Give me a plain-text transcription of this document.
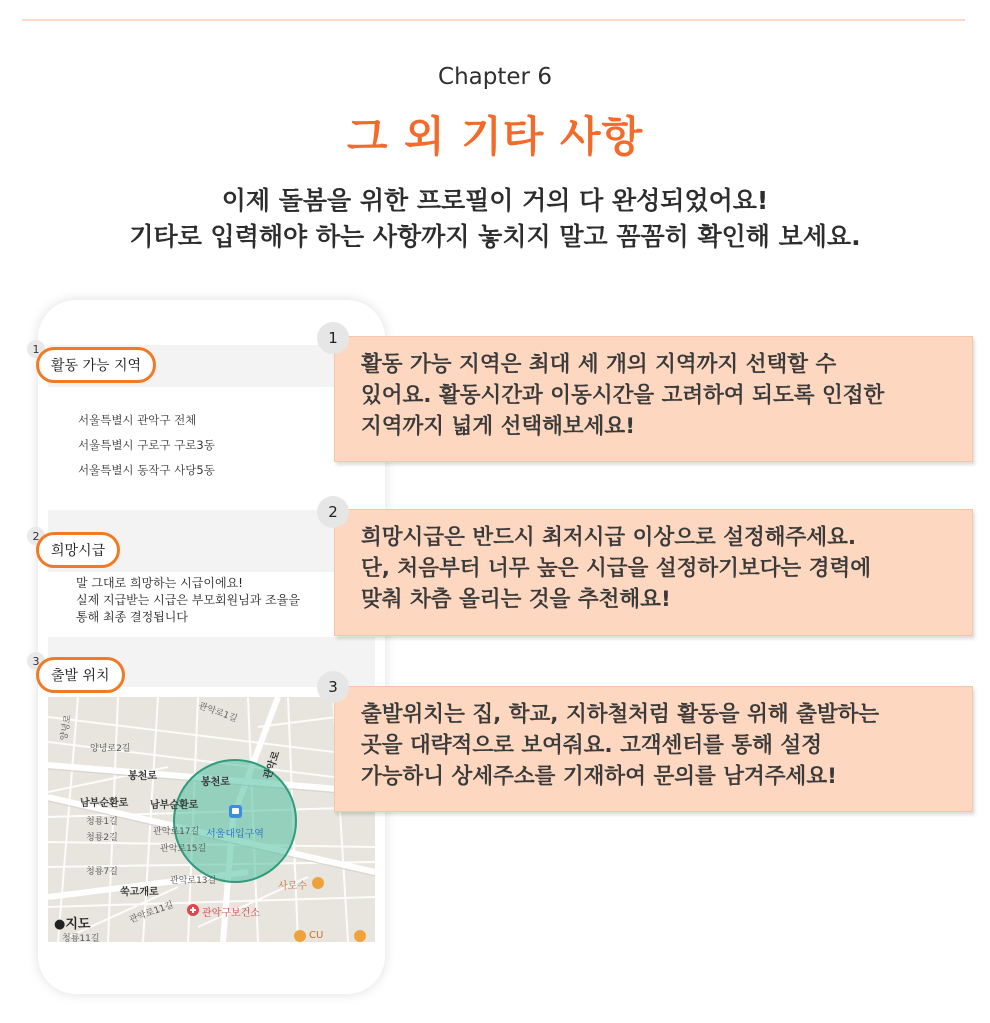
Chapter 6
그 외 기타 사항
이제 돌봄을 위한 프로필이 거의 다 완성되었어요!
기타로 입력해야 하는 사항까지 놓치지 말고 꼼꼼히 확인해 보세요.
1
활동 가능 지역
서울특별시 관악구 전체
서울특별시 구로구 구로3동
서울특별시 동작구 사당5동
2
희망시급
말 그대로 희망하는 시급이에요!
실제 지급받는 시급은 부모회원님과 조율을
통해 최종 결정됩니다
3
출발 위치
양녕로
양녕로2길
관악로1길
봉천로
봉천로
남부순환로 남부순환로
관악로
청룡1길
청룡2길
청룡7길
관악로17길
관악로15길
관악로13길
관악로11길
쑥고개로
청룡11길
서울대입구역
관악구보건소
사로수
CU
●지도
활동 가능 지역은 최대 세 개의 지역까지 선택할 수
있어요. 활동시간과 이동시간을 고려하여 되도록 인접한
지역까지 넓게 선택해보세요!
1
희망시급은 반드시 최저시급 이상으로 설정해주세요.
단, 처음부터 너무 높은 시급을 설정하기보다는 경력에
맞춰 차츰 올리는 것을 추천해요!
2
출발위치는 집, 학교, 지하철처럼 활동을 위해 출발하는
곳을 대략적으로 보여줘요. 고객센터를 통해 설정
가능하니 상세주소를 기재하여 문의를 남겨주세요!
3
